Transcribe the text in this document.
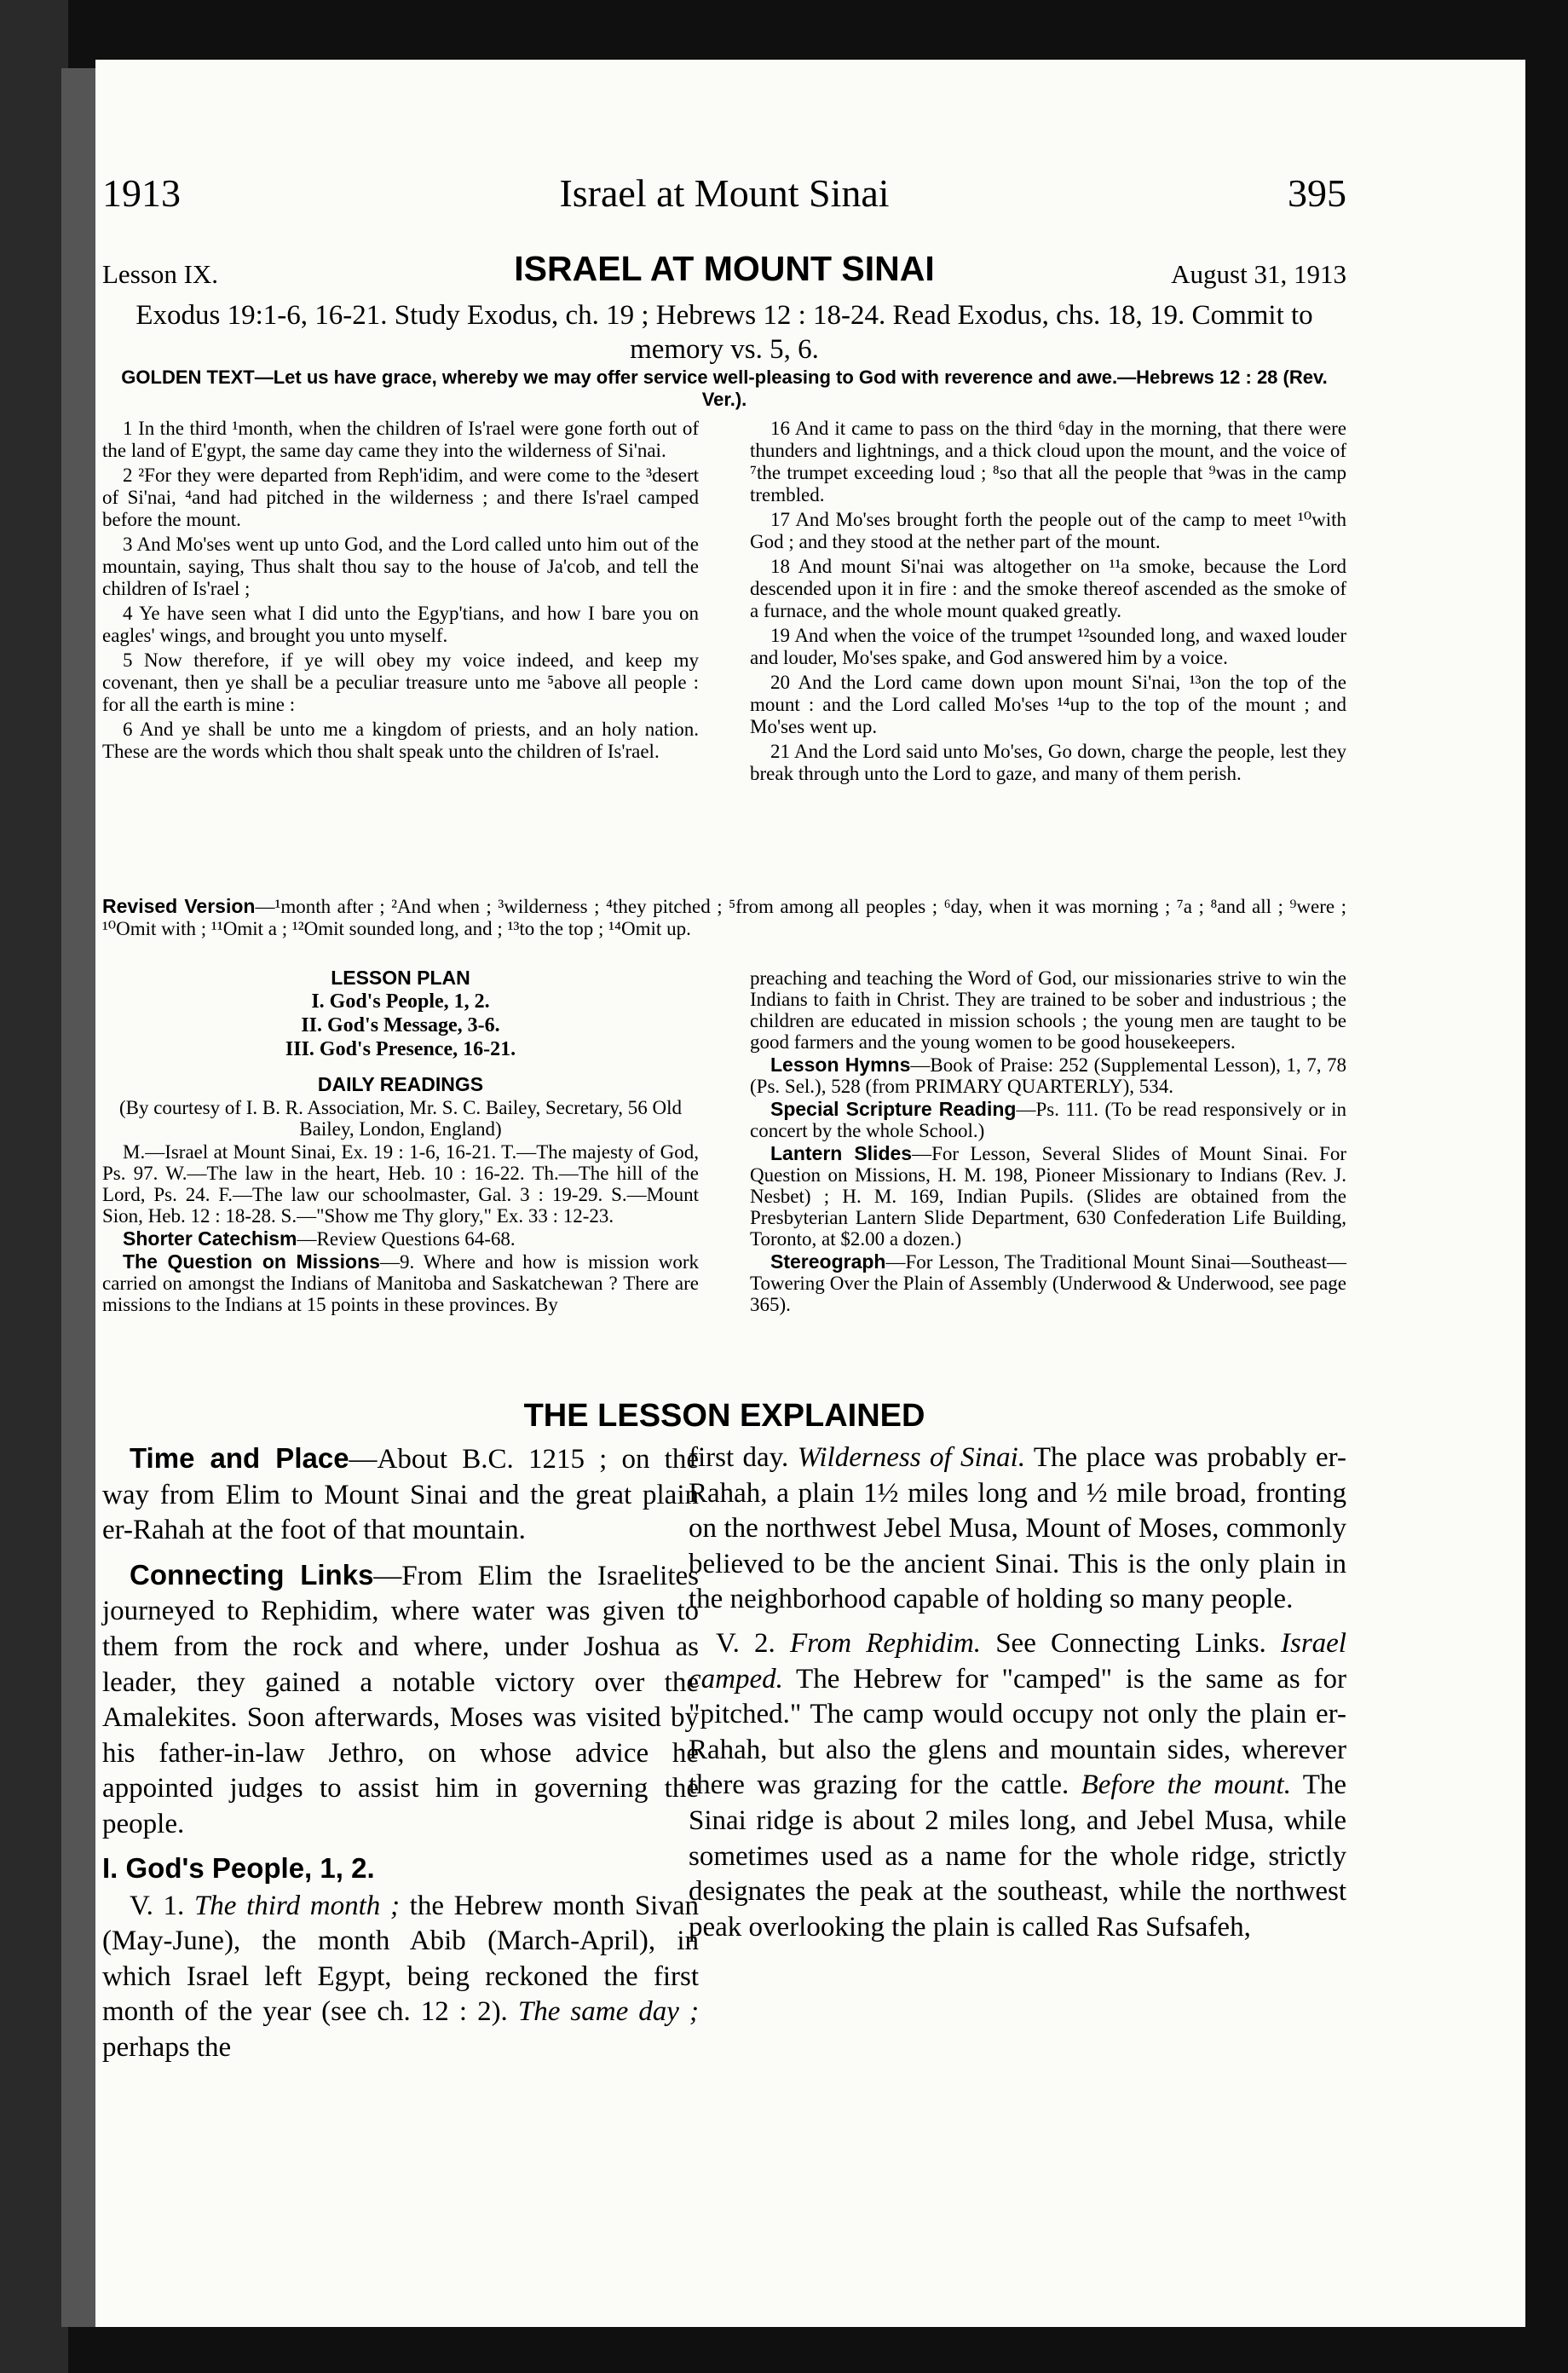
1913	Israel at Mount Sinai	395
Lesson IX.	ISRAEL AT MOUNT SINAI	August 31, 1913
Exodus 19:1-6, 16-21. Study Exodus, ch. 19 ; Hebrews 12 : 18-24. Read Exodus, chs. 18, 19. Commit to memory vs. 5, 6.
GOLDEN TEXT—Let us have grace, whereby we may offer service well-pleasing to God with reverence and awe.—Hebrews 12 : 28 (Rev. Ver.).

1 In the third ¹month, when the children of Is'rael were gone forth out of the land of E'gypt, the same day came they into the wilderness of Si'nai.

2 ²For they were departed from Reph'idim, and were come to the ³desert of Si'nai, ⁴and had pitched in the wilderness ; and there Is'rael camped before the mount.

3 And Mo'ses went up unto God, and the Lord called unto him out of the mountain, saying, Thus shalt thou say to the house of Ja'cob, and tell the children of Is'rael ;

4 Ye have seen what I did unto the Egyp'tians, and how I bare you on eagles' wings, and brought you unto myself.

5 Now therefore, if ye will obey my voice indeed, and keep my covenant, then ye shall be a peculiar treasure unto me ⁵above all people : for all the earth is mine :

6 And ye shall be unto me a kingdom of priests, and an holy nation. These are the words which thou shalt speak unto the children of Is'rael.

16 And it came to pass on the third ⁶day in the morning, that there were thunders and lightnings, and a thick cloud upon the mount, and the voice of ⁷the trumpet exceeding loud ; ⁸so that all the people that ⁹was in the camp trembled.

17 And Mo'ses brought forth the people out of the camp to meet ¹⁰with God ; and they stood at the nether part of the mount.

18 And mount Si'nai was altogether on ¹¹a smoke, because the Lord descended upon it in fire : and the smoke thereof ascended as the smoke of a furnace, and the whole mount quaked greatly.

19 And when the voice of the trumpet ¹²sounded long, and waxed louder and louder, Mo'ses spake, and God answered him by a voice.

20 And the Lord came down upon mount Si'nai, ¹³on the top of the mount : and the Lord called Mo'ses ¹⁴up to the top of the mount ; and Mo'ses went up.

21 And the Lord said unto Mo'ses, Go down, charge the people, lest they break through unto the Lord to gaze, and many of them perish.

Revised Version—¹month after ; ²And when ; ³wilderness ; ⁴they pitched ; ⁵from among all peoples ; ⁶day, when it was morning ; ⁷a ; ⁸and all ; ⁹were ; ¹⁰Omit with ; ¹¹Omit a ; ¹²Omit sounded long, and ; ¹³to the top ; ¹⁴Omit up.

LESSON PLAN

I. God's People, 1, 2.

II. God's Message, 3-6.

III. God's Presence, 16-21.

DAILY READINGS

(By courtesy of I. B. R. Association, Mr. S. C. Bailey, Secretary, 56 Old Bailey, London, England)

M.—Israel at Mount Sinai, Ex. 19 : 1-6, 16-21. T.—The majesty of God, Ps. 97. W.—The law in the heart, Heb. 10 : 16-22. Th.—The hill of the Lord, Ps. 24. F.—The law our schoolmaster, Gal. 3 : 19-29. S.—Mount Sion, Heb. 12 : 18-28. S.—"Show me Thy glory," Ex. 33 : 12-23.

Shorter Catechism—Review Questions 64-68.

The Question on Missions—9. Where and how is mission work carried on amongst the Indians of Manitoba and Saskatchewan ? There are missions to the Indians at 15 points in these provinces. By

preaching and teaching the Word of God, our missionaries strive to win the Indians to faith in Christ. They are trained to be sober and industrious ; the children are educated in mission schools ; the young men are taught to be good farmers and the young women to be good housekeepers.

Lesson Hymns—Book of Praise: 252 (Supplemental Lesson), 1, 7, 78 (Ps. Sel.), 528 (from PRIMARY QUARTERLY), 534.

Special Scripture Reading—Ps. 111. (To be read responsively or in concert by the whole School.)

Lantern Slides—For Lesson, Several Slides of Mount Sinai. For Question on Missions, H. M. 198, Pioneer Missionary to Indians (Rev. J. Nesbet) ; H. M. 169, Indian Pupils. (Slides are obtained from the Presbyterian Lantern Slide Department, 630 Confederation Life Building, Toronto, at $2.00 a dozen.)

Stereograph—For Lesson, The Traditional Mount Sinai—Southeast—Towering Over the Plain of Assembly (Underwood & Underwood, see page 365).

THE LESSON EXPLAINED

Time and Place—About B.C. 1215 ; on the way from Elim to Mount Sinai and the great plain er-Rahah at the foot of that mountain.

Connecting Links—From Elim the Israelites journeyed to Rephidim, where water was given to them from the rock and where, under Joshua as leader, they gained a notable victory over the Amalekites. Soon afterwards, Moses was visited by his father-in-law Jethro, on whose advice he appointed judges to assist him in governing the people.

I. God's People, 1, 2.

V. 1. The third month ; the Hebrew month Sivan (May-June), the month Abib (March-April), in which Israel left Egypt, being reckoned the first month of the year (see ch. 12 : 2). The same day ; perhaps the

first day. Wilderness of Sinai. The place was probably er-Rahah, a plain 1½ miles long and ½ mile broad, fronting on the northwest Jebel Musa, Mount of Moses, commonly believed to be the ancient Sinai. This is the only plain in the neighborhood capable of holding so many people.

V. 2. From Rephidim. See Connecting Links. Israel camped. The Hebrew for "camped" is the same as for "pitched." The camp would occupy not only the plain er-Rahah, but also the glens and mountain sides, wherever there was grazing for the cattle. Before the mount. The Sinai ridge is about 2 miles long, and Jebel Musa, while sometimes used as a name for the whole ridge, strictly designates the peak at the southeast, while the northwest peak overlooking the plain is called Ras Sufsafeh,
